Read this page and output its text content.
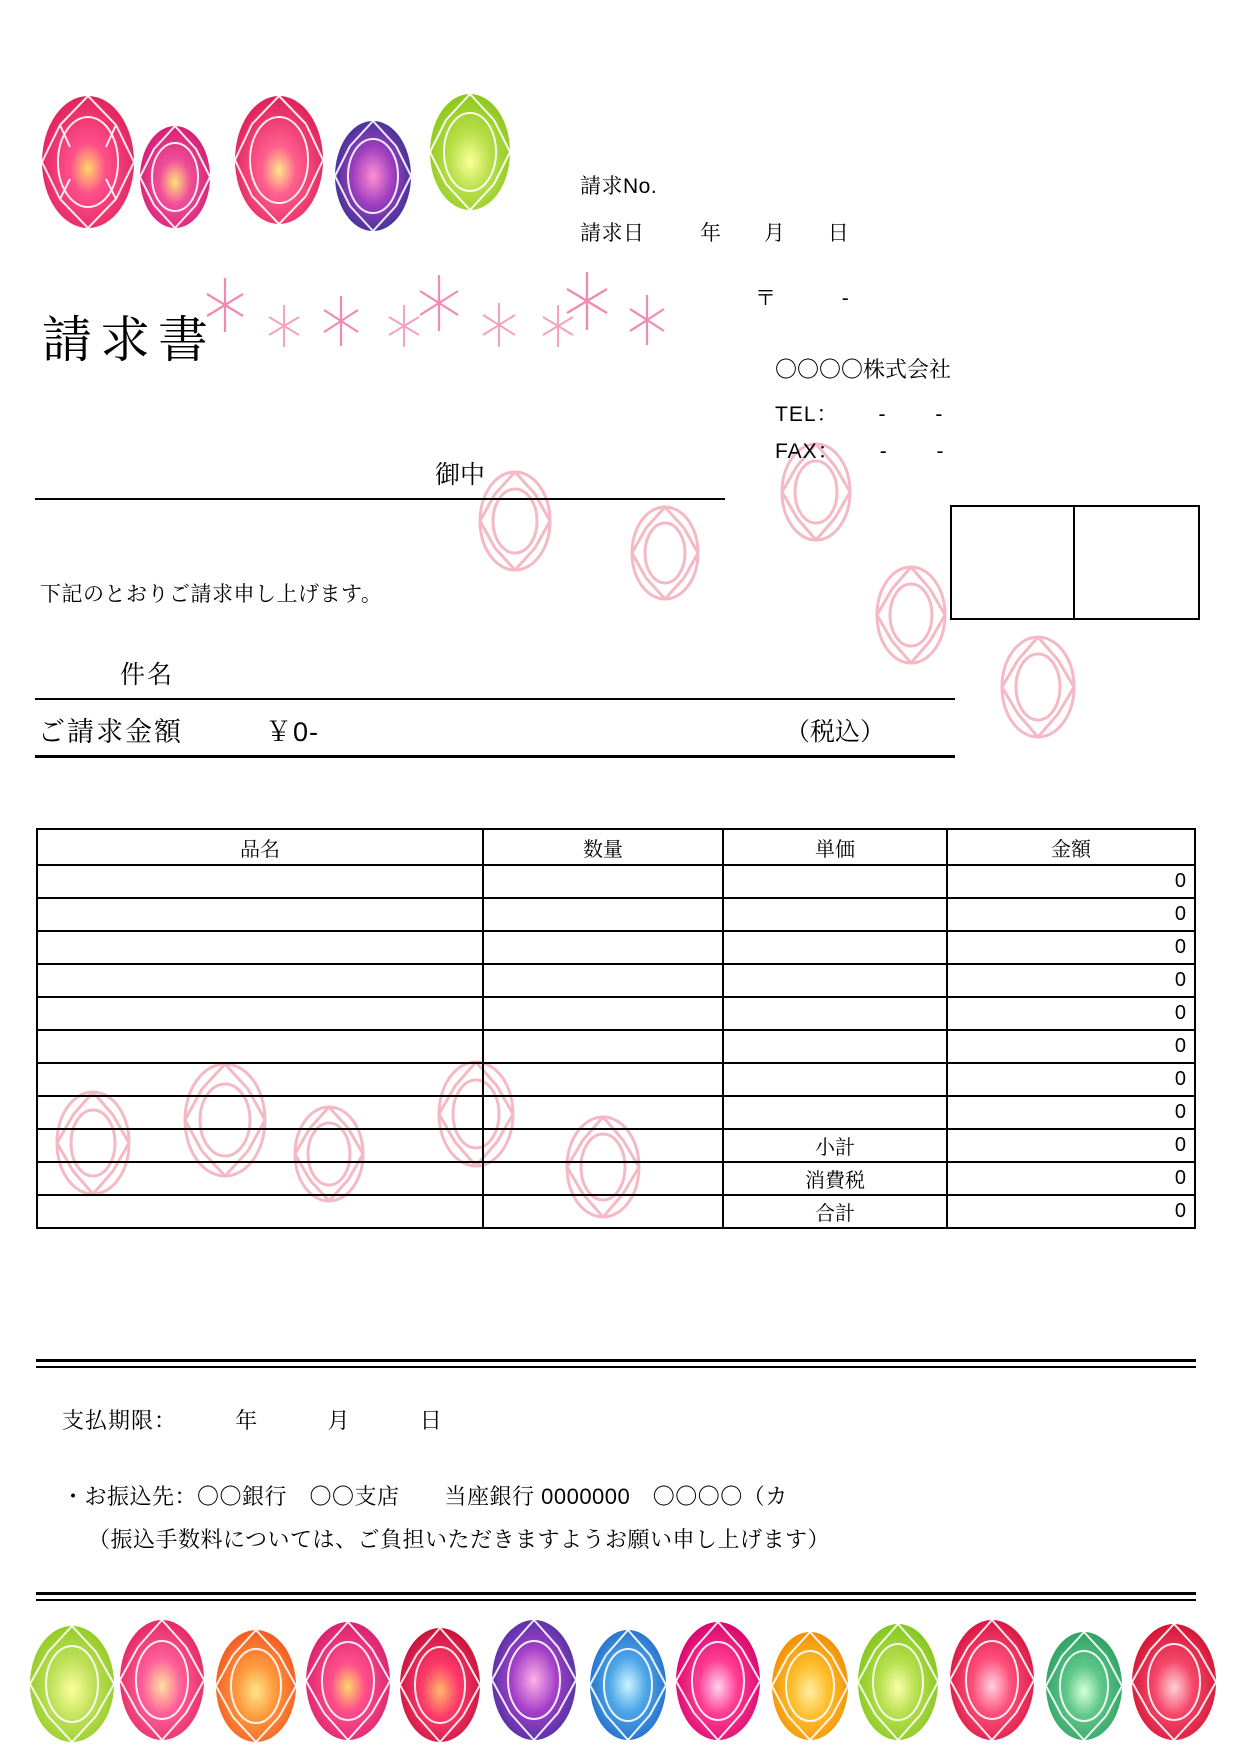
請求No.
請求日	年 月 日
請求書
〒	-
〇〇〇〇株式会社
TEL： - -
FAX： - -
御中
下記のとおりご請求申し上げます。
件名
ご請求金額	￥0-	（税込）
品名	数量	単価	金額
			0
			0
			0
			0
			0
			0
			0
			0
		小計	0
		消費税	0
		合計	0
支払期限：	年	月	日
・お振込先：〇〇銀行　〇〇支店　　当座銀行 0000000　〇〇〇〇（カ
（振込手数料については、ご負担いただきますようお願い申し上げます）
